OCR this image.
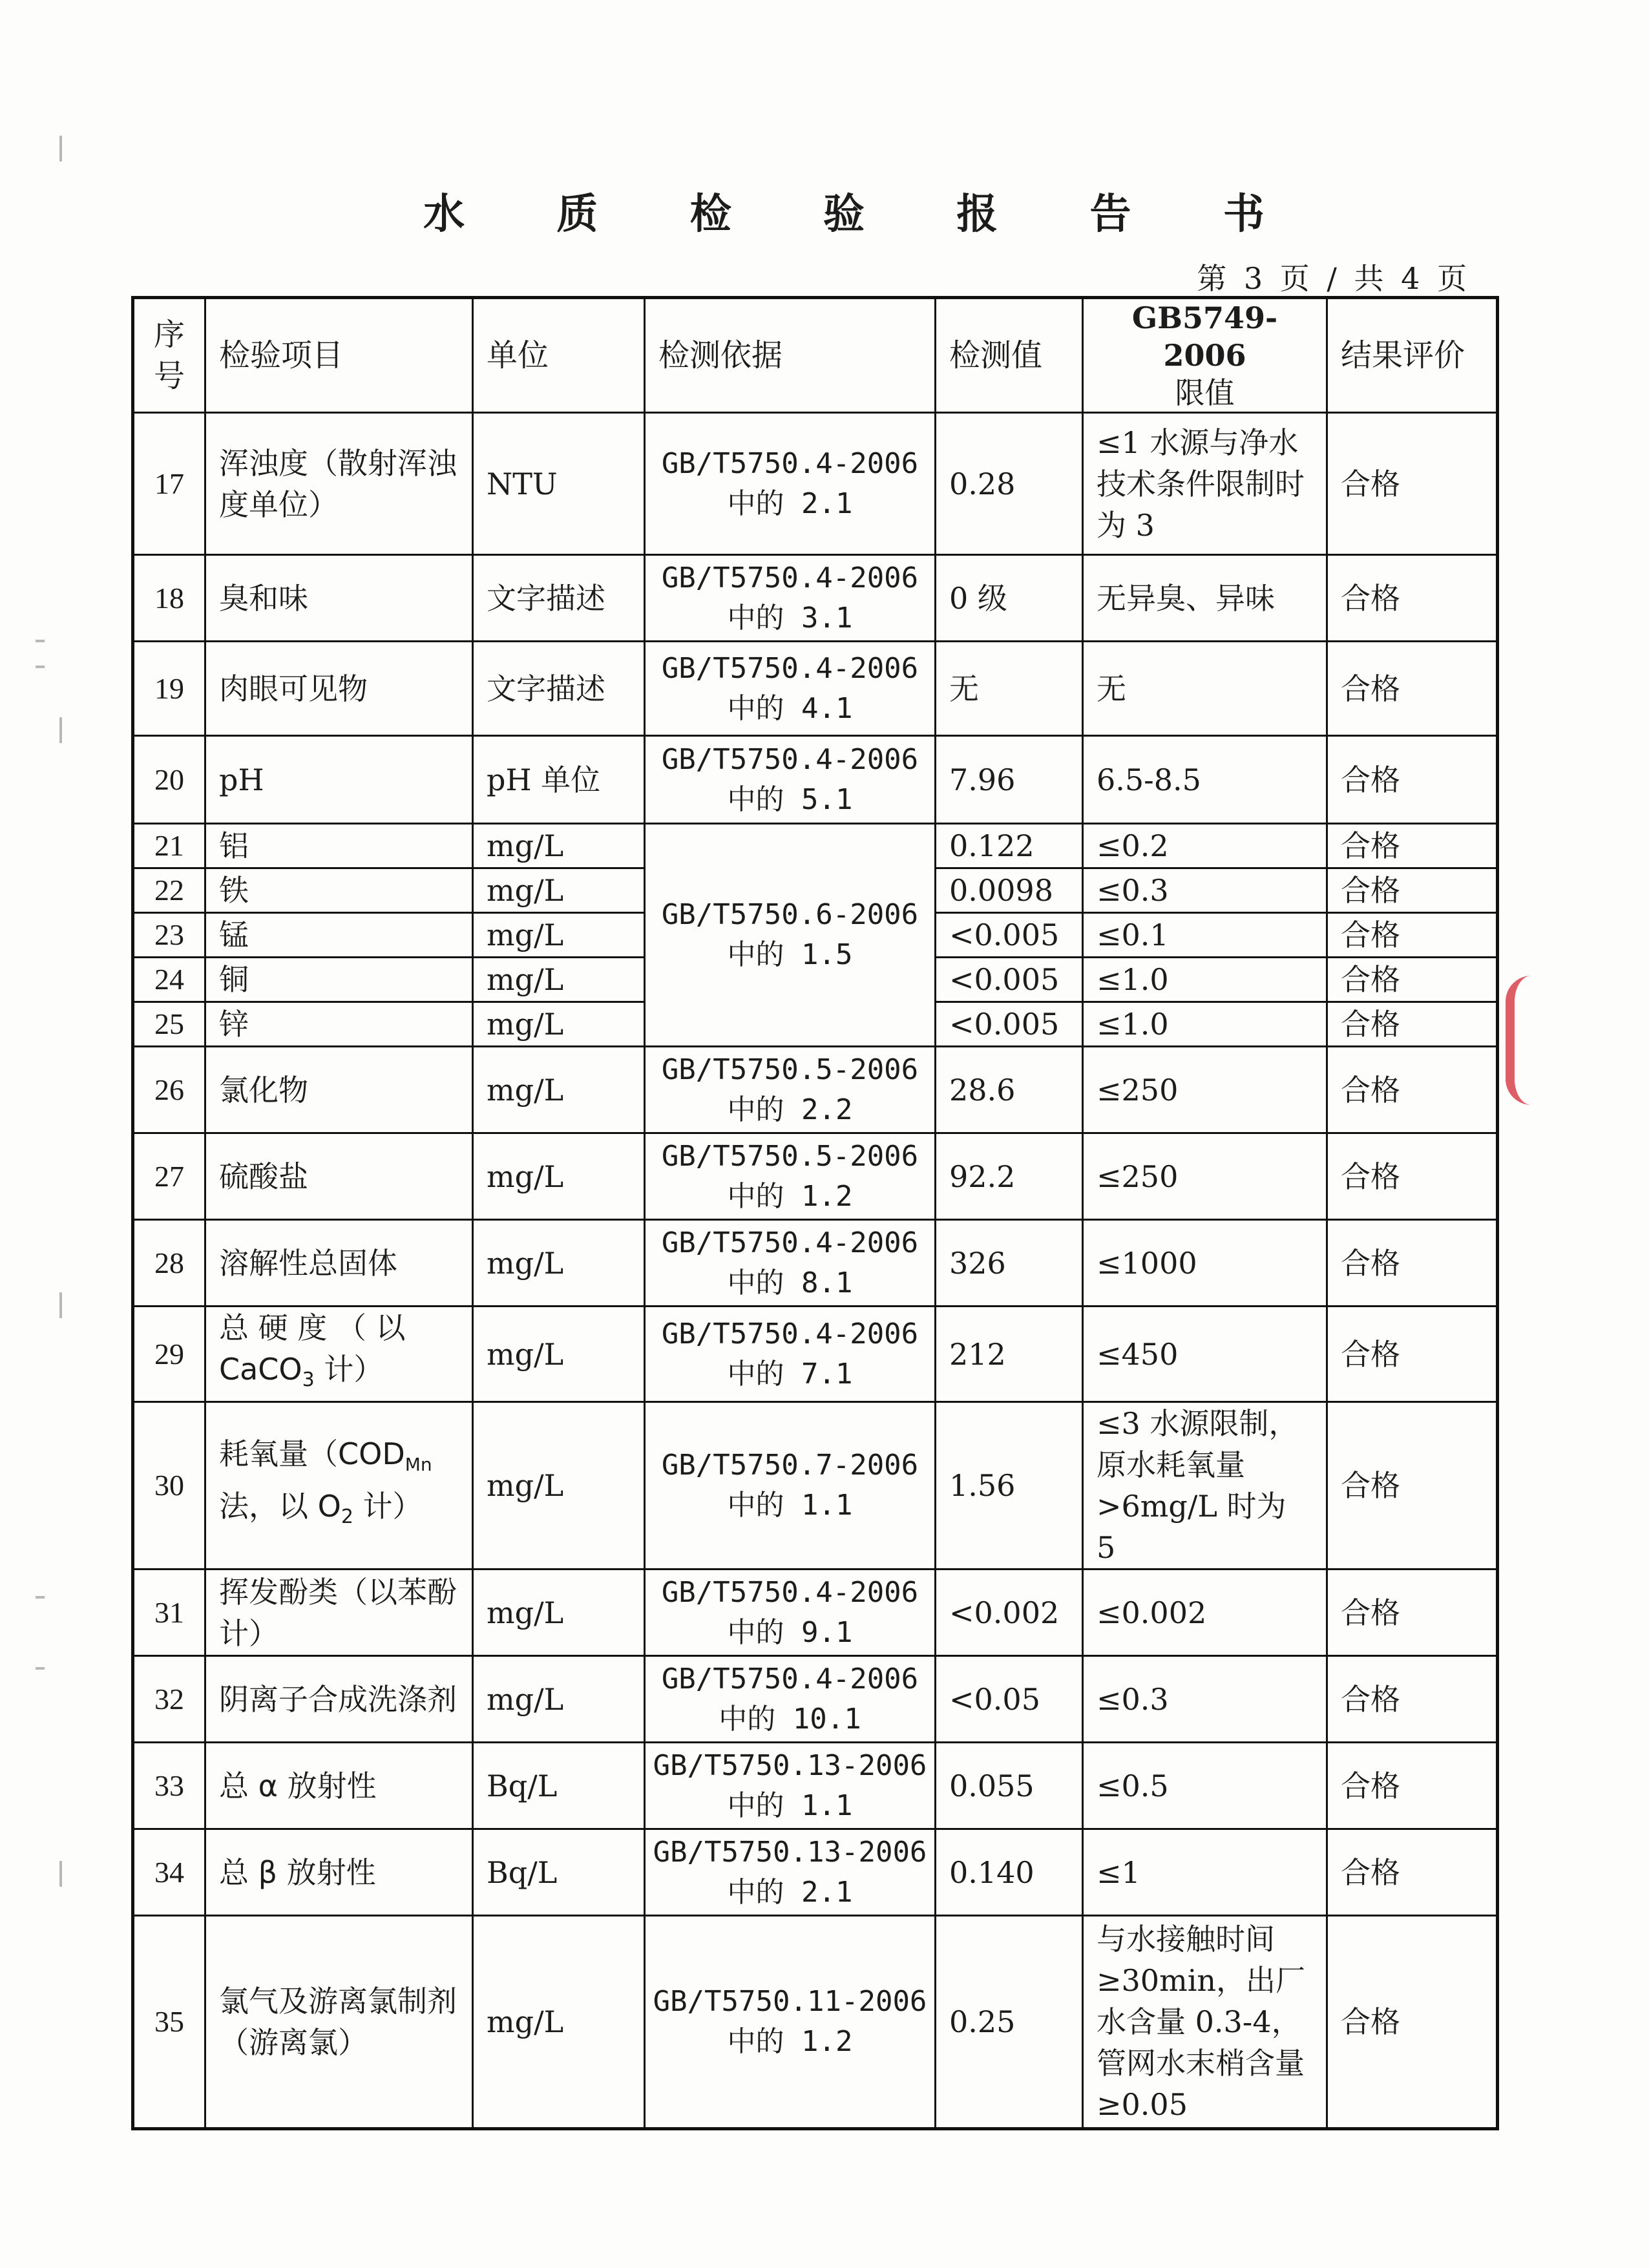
水 质 检 验 报 告 书
第 3 页 / 共 4 页
序号	检验项目	单位	检测依据	检测值	GB5749-2006
限值	结果评价
17	浑浊度（散射浑浊度单位）	NTU	GB/T5750.4-2006
中的 2.1	0.28	≤1 水源与净水技术条件限制时为 3	合格
18	臭和味	文字描述	GB/T5750.4-2006
中的 3.1	0 级	无异臭、异味	合格
19	肉眼可见物	文字描述	GB/T5750.4-2006
中的 4.1	无	无	合格
20	pH	pH 单位	GB/T5750.4-2006
中的 5.1	7.96	6.5-8.5	合格
21	铝	mg/L	GB/T5750.6-2006
中的 1.5	0.122	≤0.2	合格
22	铁	mg/L		0.0098	≤0.3	合格
23	锰	mg/L		<0.005	≤0.1	合格
24	铜	mg/L		<0.005	≤1.0	合格
25	锌	mg/L		<0.005	≤1.0	合格
26	氯化物	mg/L	GB/T5750.5-2006
中的 2.2	28.6	≤250	合格
27	硫酸盐	mg/L	GB/T5750.5-2006
中的 1.2	92.2	≤250	合格
28	溶解性总固体	mg/L	GB/T5750.4-2006
中的 8.1	326	≤1000	合格
29	总 硬 度 （ 以 CaCO$_3$ 计）	mg/L	GB/T5750.4-2006
中的 7.1	212	≤450	合格
30	耗氧量（$COD_{Mn}$
法，以 $O_2$ 计）	mg/L	GB/T5750.7-2006
中的 1.1	1.56	≤3 水源限制，原水耗氧量 >6mg/L 时为 5	合格
31	挥发酚类（以苯酚计）	mg/L	GB/T5750.4-2006
中的 9.1	<0.002	≤0.002	合格
32	阴离子合成洗涤剂	mg/L	GB/T5750.4-2006
中的 10.1	<0.05	≤0.3	合格
33	总 α 放射性	Bq/L	GB/T5750.13-2006
中的 1.1	0.055	≤0.5	合格
34	总 β 放射性	Bq/L	GB/T5750.13-2006
中的 2.1	0.140	≤1	合格
35	氯气及游离氯制剂（游离氯）	mg/L	GB/T5750.11-2006
中的 1.2	0.25	与水接触时间≥30min，出厂水含量 0.3-4，管网水末梢含量≥0.05	合格
